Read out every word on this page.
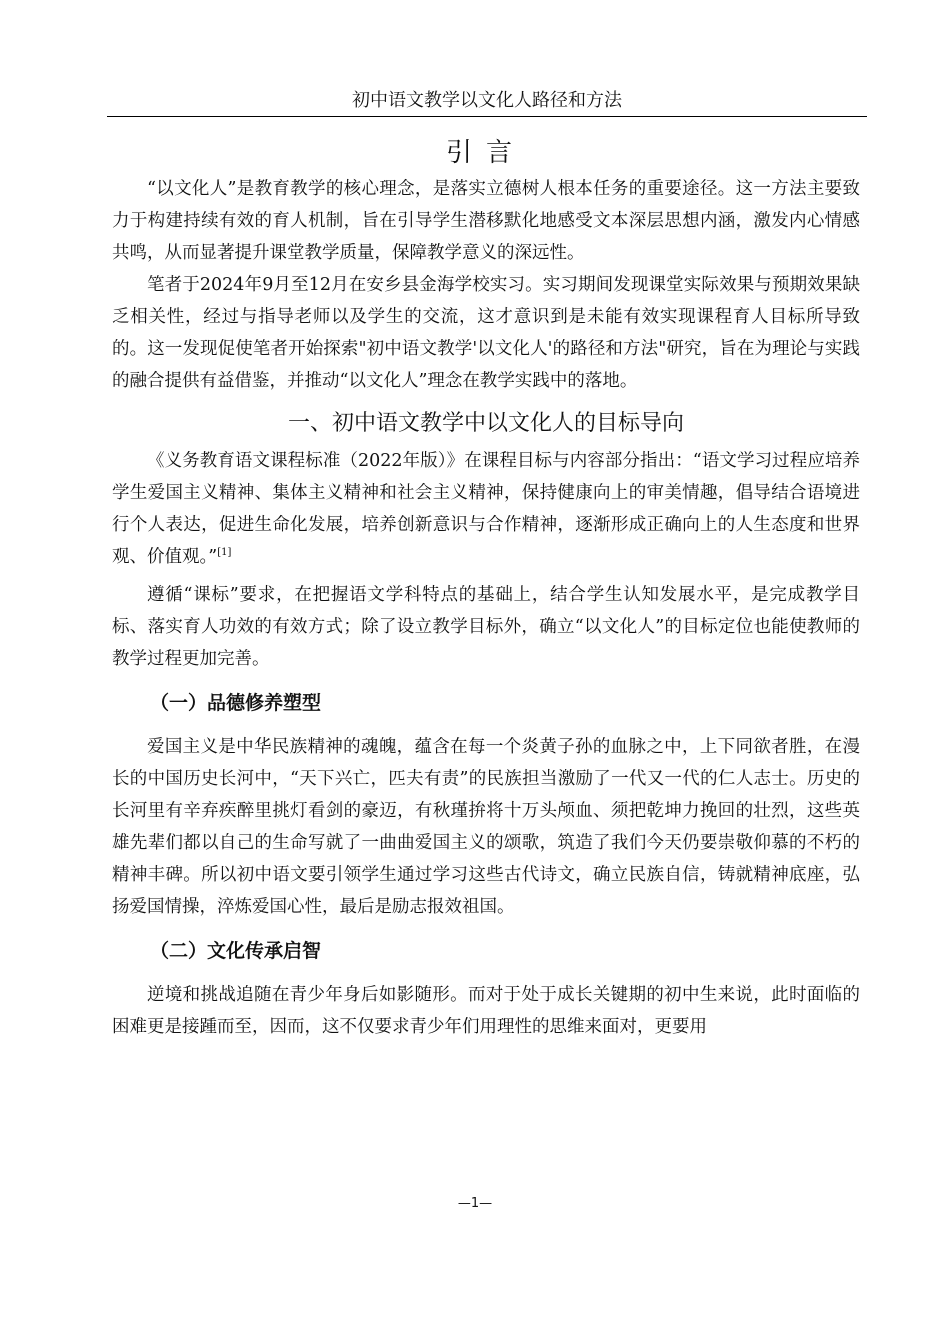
初中语文教学以文化人路径和方法
引言

“以文化人”是教育教学的核心理念，是落实立德树人根本任务的重要途径。这一方法主要致力于构建持续有效的育人机制，旨在引导学生潜移默化地感受文本深层思想内涵，激发内心情感共鸣，从而显著提升课堂教学质量，保障教学意义的深远性。

笔者于2024年9月至12月在安乡县金海学校实习。实习期间发现课堂实际效果与预期效果缺乏相关性，经过与指导老师以及学生的交流，这才意识到是未能有效实现课程育人目标所导致的。这一发现促使笔者开始探索"初中语文教学'以文化人'的路径和方法"研究，旨在为理论与实践的融合提供有益借鉴，并推动“以文化人”理念在教学实践中的落地。

一、初中语文教学中以文化人的目标导向

《义务教育语文课程标准（2022年版）》在课程目标与内容部分指出：“语文学习过程应培养学生爱国主义精神、集体主义精神和社会主义精神，保持健康向上的审美情趣，倡导结合语境进行个人表达，促进生命化发展，培养创新意识与合作精神，逐渐形成正确向上的人生态度和世界观、价值观。”[1]

遵循“课标”要求，在把握语文学科特点的基础上，结合学生认知发展水平，是完成教学目标、落实育人功效的有效方式；除了设立教学目标外，确立“以文化人”的目标定位也能使教师的教学过程更加完善。

（一）品德修养塑型

爱国主义是中华民族精神的魂魄，蕴含在每一个炎黄子孙的血脉之中，上下同欲者胜，在漫长的中国历史长河中，“天下兴亡，匹夫有责”的民族担当激励了一代又一代的仁人志士。历史的长河里有辛弃疾醉里挑灯看剑的豪迈，有秋瑾拚将十万头颅血、须把乾坤力挽回的壮烈，这些英雄先辈们都以自己的生命写就了一曲曲爱国主义的颂歌，筑造了我们今天仍要崇敬仰慕的不朽的精神丰碑。所以初中语文要引领学生通过学习这些古代诗文，确立民族自信，铸就精神底座，弘扬爱国情操，淬炼爱国心性，最后是励志报效祖国。

（二）文化传承启智

逆境和挑战追随在青少年身后如影随形。而对于处于成长关键期的初中生来说，此时面临的困难更是接踵而至，因而，这不仅要求青少年们用理性的思维来面对，更要用

—1—
